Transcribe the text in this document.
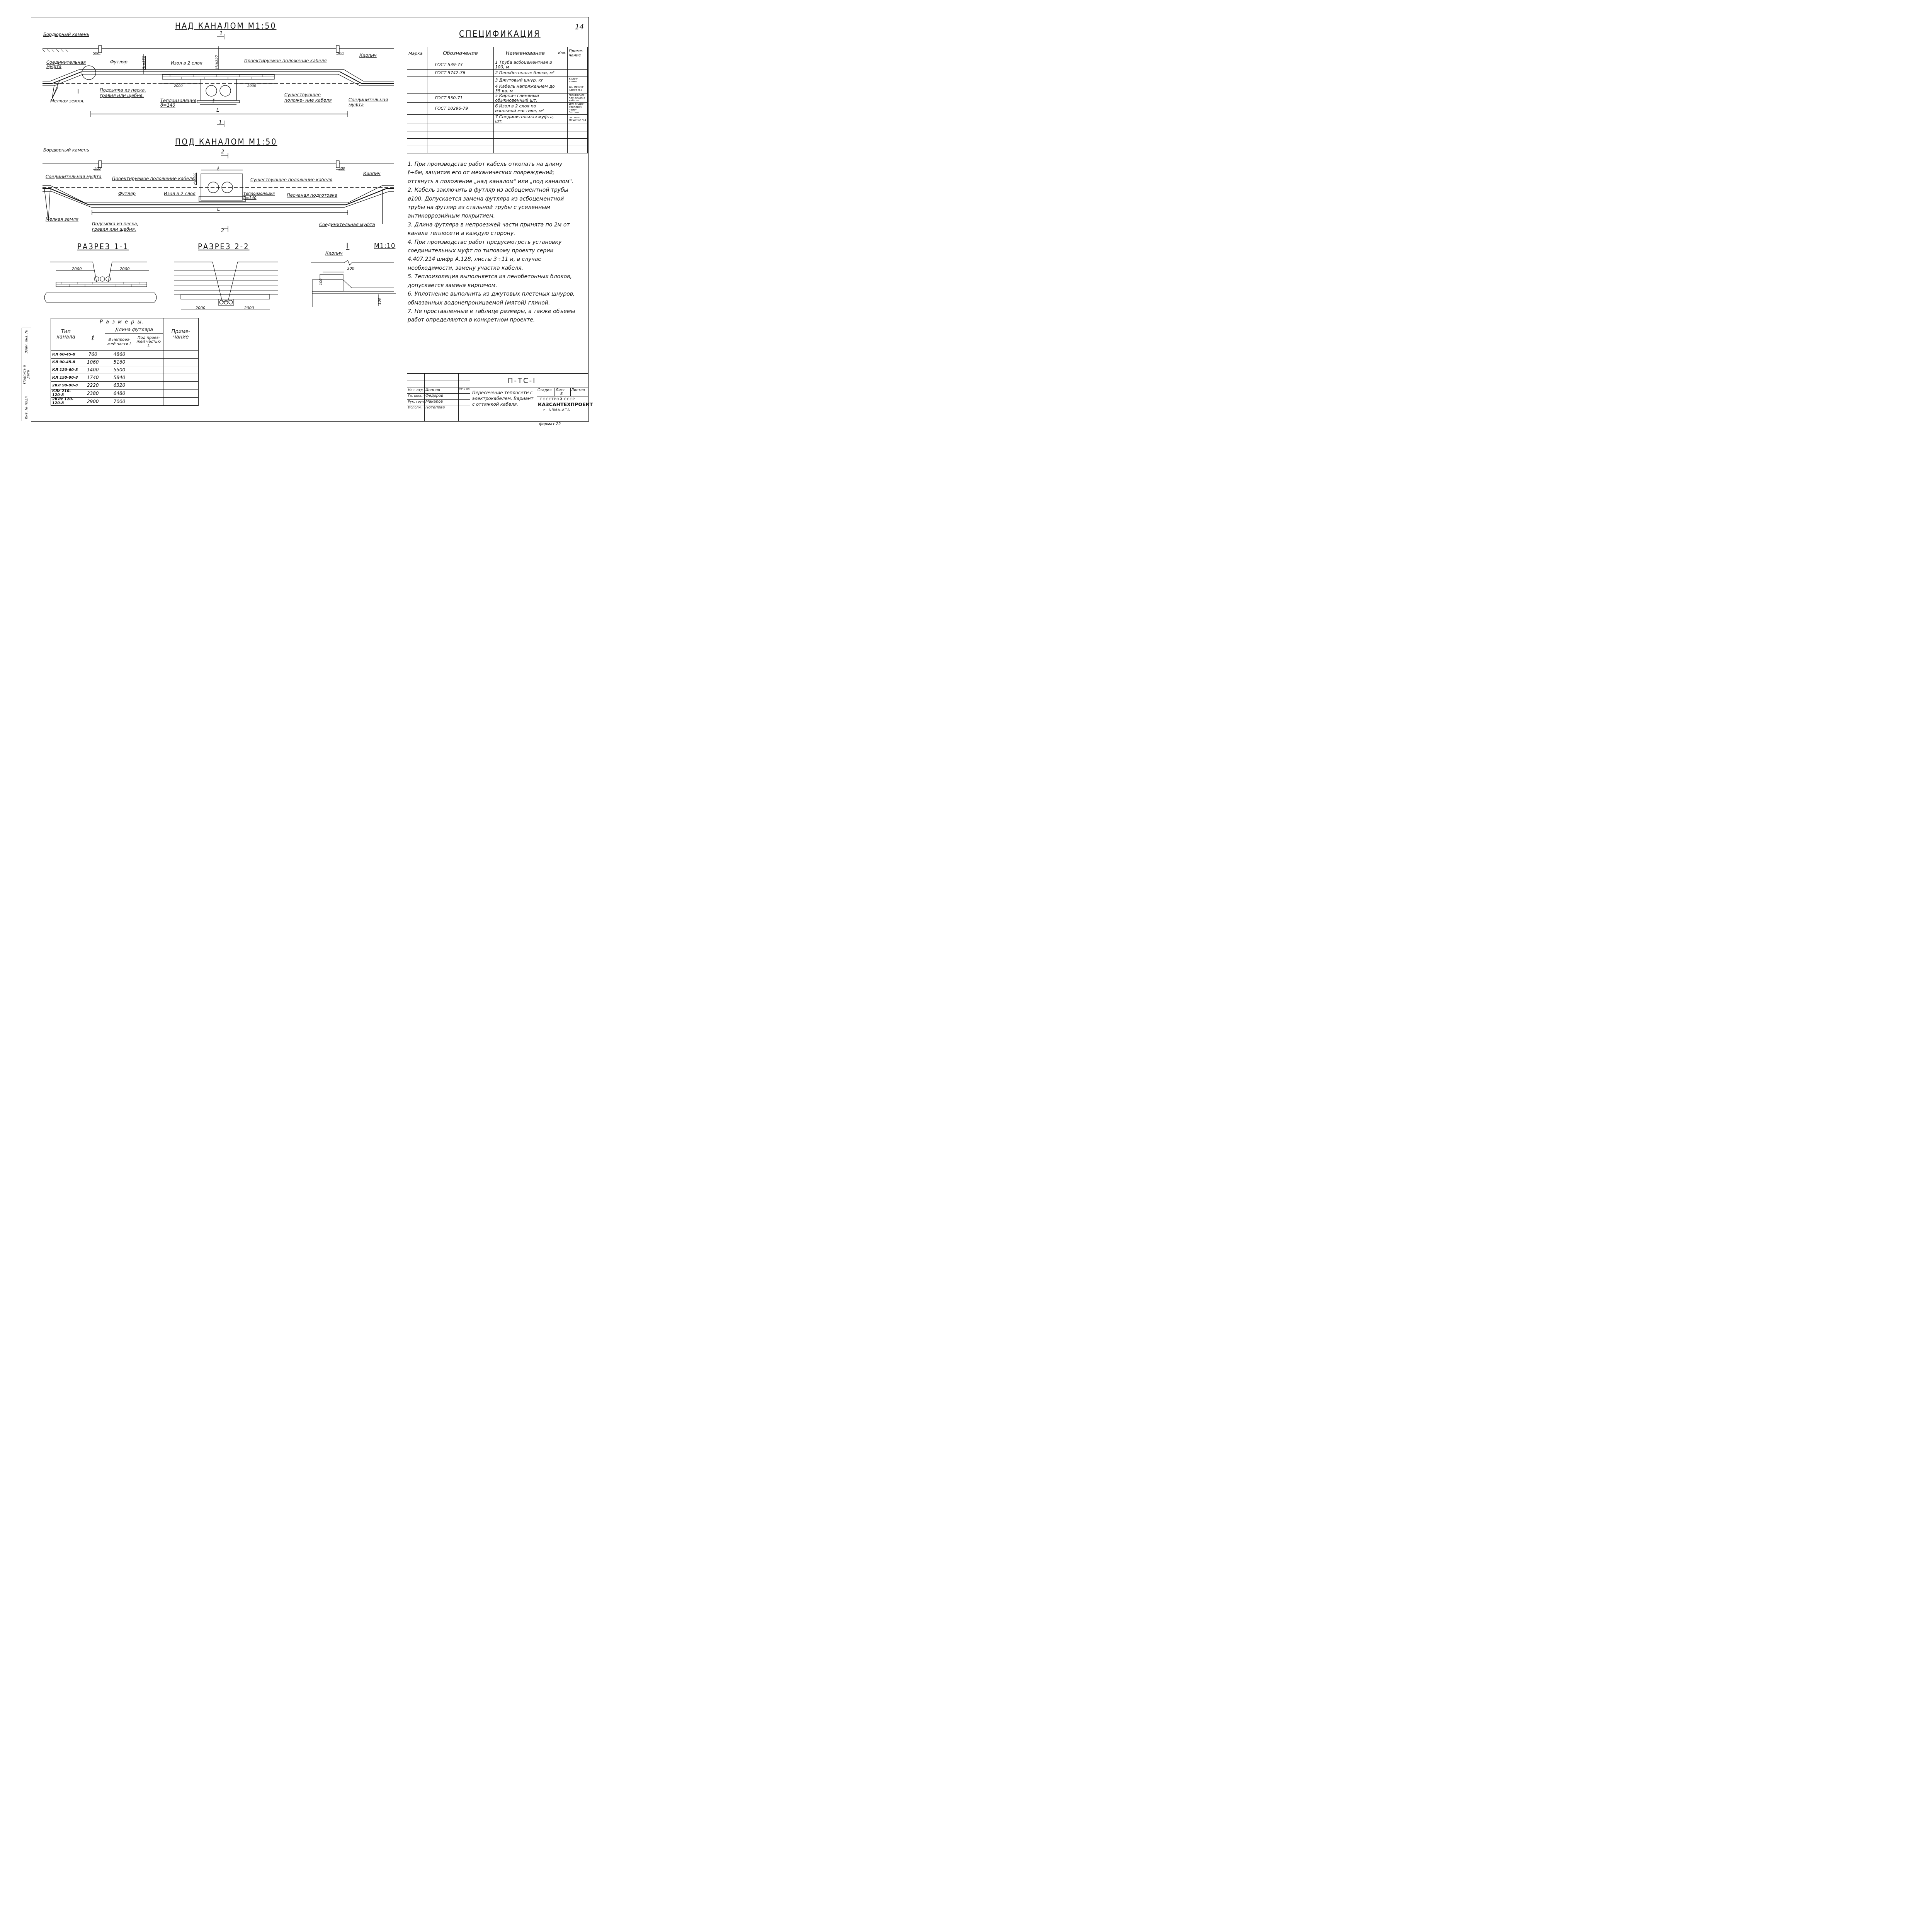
14
Инв. № подл.
Подпись и дата
Взам. инв. №
НАД КАНАЛОМ М1:50
1
1
Бордюрный камень
500	500
Соединительная муфта
Футляр	H₁=350	H₂≥350
Изол в 2 слоя	Проектируемое положение кабеля
Кирпич
2000	2000
Подсыпка из песка, гравия или щебня.
Теплоизоляция δ=140
Существующее положе- ние кабеля	Соединительная муфта
Мелкая земля.
I
ℓ
L
ПОД КАНАЛОМ М1:50
2
2
Бордюрный камень
500	500
Соединительная муфта Проектируемое положение кабеля
H₃≥200	Существующее положение кабеля
Кирпич
ℓ
Футляр	Изол в 2 слоя	Теплоизоляция δ=140
Песчаная подготовка
L
Мелкая земля
Подсыпка из песка, гравия или щебня.
Соединительная муфта
РАЗРЕЗ 1-1
2000	2000
РАЗРЕЗ 2-2
2000	2000
I	М1:10
Кирпич
300
100
100
СПЕЦИФИКАЦИЯ
Марка	Обозначение	Наименование	Кол.	Приме- чание
	ГОСТ 539-73	1 Труба асбоцементная ø 100, м		
	ГОСТ 5742-76	2 Пенобетонные блоки, м³		
		3 Джутовый шнур, кг		Уплот- нение
		4 Кабель напряжением до 35 кв. м		см. приме- чание п.4
	ГОСТ 530-71	5 Кирпич глиняный обыкновенный шт.		Механичес- кая защита кабеля
	ГОСТ 10296-79	6 Изол в 2 слоя по изольной мастике, м²		Для гидро- изоляции пено- бетона
		7 Соединительная муфта, шт.		см. при- мечание п.4

1. При производстве работ кабель откопать на длину ℓ+6м, защитив его от механических повреждений; оттянуть в положение „над каналом" или „под каналом".

2. Кабель заключить в футляр из асбоцементной трубы ø100. Допускается замена футляра из асбоцементной трубы на футляр из стальной трубы с усиленным антикоррозийным покрытием.

3. Длина футляра в непроезжей части принята по 2м от канала теплосети в каждую сторону.

4. При производстве работ предусмотреть установку соединительных муфт по типовому проекту серии 4.407.214 шифр А.128, листы 3÷11 и, в случае необходимости, замену участка кабеля.

5. Теплоизоляция выполняется из пенобетонных блоков, допускается замена кирпичом.

6. Уплотнение выполнить из джутовых плетеных шнуров, обмазанных водонепроницаемой (мятой) глиной.

7. Не проставленные в таблице размеры, а также объемы работ определяются в конкретном проекте.

Тип канала	Р а з м е р ы.			Приме- чание
	ℓ	Длина футляра		
		В непроез- жей части L	Под проез- жей частью L	
КЛ 60-45-8	760	4860		
КЛ 90-45-8	1060	5160		
КЛ 120-60-8	1400	5500		
КЛ 150-90-8	1740	5840		
2КЛ 90-90-8	2220	6320		
КЛс 210-120-8	2380	6480		
2КЛс 120-120-8	2900	7000		
П-ТС-I
Нач. отд. Иванов
Гл. конст. Федоров
Рук. груп. Макаров
Исполн. Потапова
27.Х.86
Пересечение теплосети с электрокабелем. Вариант с оттяжкой кабеля.
Стадия Лист Листов
8
ГОССТРОЙ СССР
КАЗСАНТЕХПРОЕКТ
г. АЛМА-АТА
формат 22
